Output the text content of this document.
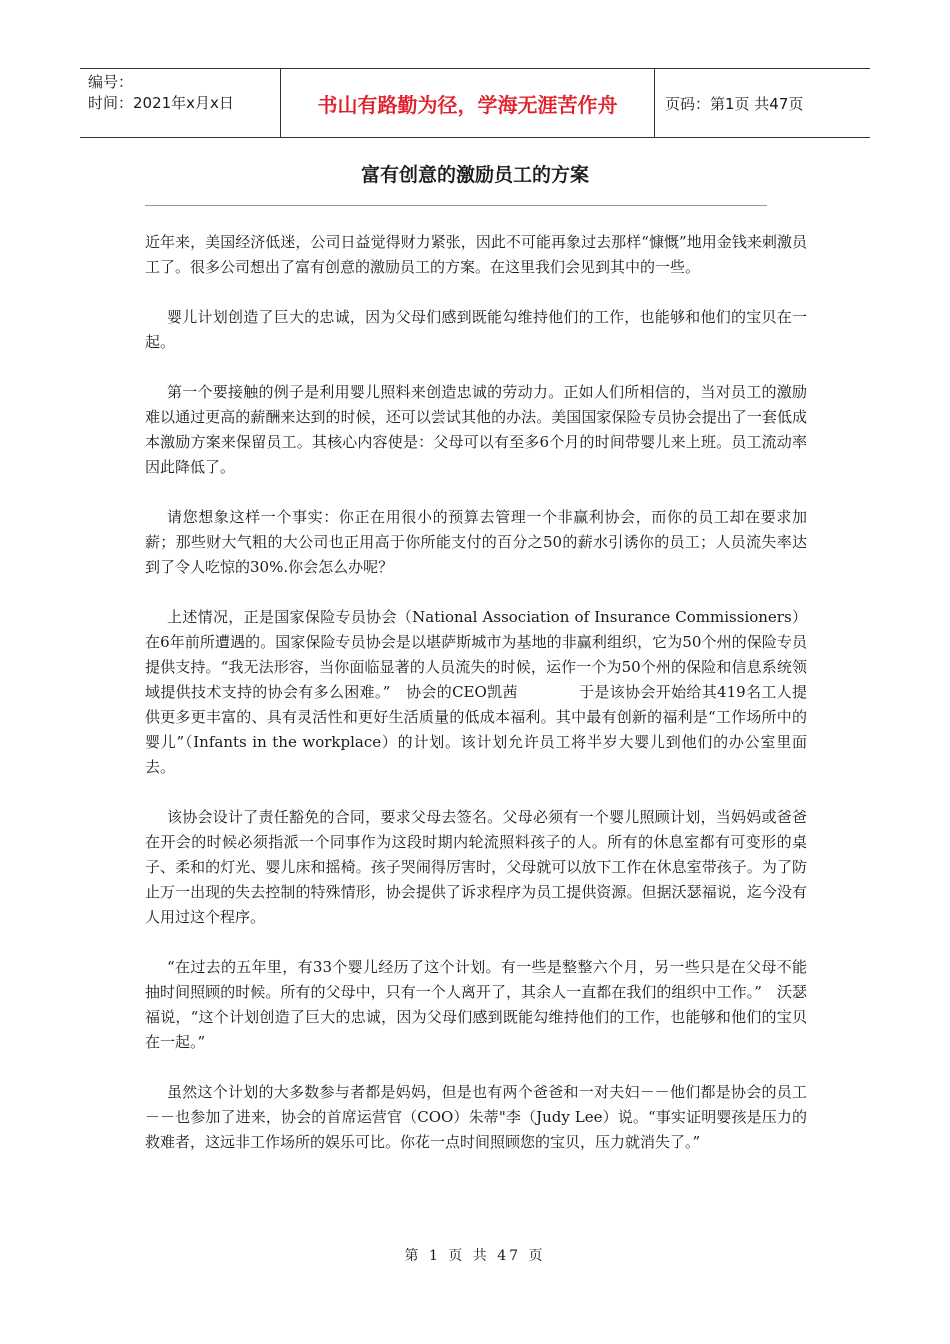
编号：
时间：2021年x月x日	书山有路勤为径，学海无涯苦作舟	页码：第1页 共47页
富有创意的激励员工的方案

近年来，美国经济低迷，公司日益觉得财力紧张，因此不可能再象过去那样“慷慨”地用金钱来刺激员工了。很多公司想出了富有创意的激励员工的方案。在这里我们会见到其中的一些。

婴儿计划创造了巨大的忠诚，因为父母们感到既能勾维持他们的工作，也能够和他们的宝贝在一起。

第一个要接触的例子是利用婴儿照料来创造忠诚的劳动力。正如人们所相信的，当对员工的激励难以通过更高的薪酬来达到的时候，还可以尝试其他的办法。美国国家保险专员协会提出了一套低成本激励方案来保留员工。其核心内容使是：父母可以有至多6个月的时间带婴儿来上班。员工流动率因此降低了。

请您想象这样一个事实：你正在用很小的预算去管理一个非赢利协会，而你的员工却在要求加薪；那些财大气粗的大公司也正用高于你所能支付的百分之50的薪水引诱你的员工；人员流失率达到了令人吃惊的30%.你会怎么办呢？

上述情况，正是国家保险专员协会（National Association of Insurance Commissioners）在6年前所遭遇的。国家保险专员协会是以堪萨斯城市为基地的非赢利组织，它为50个州的保险专员提供支持。“我无法形容，当你面临显著的人员流失的时候，运作一个为50个州的保险和信息系统领域提供技术支持的协会有多么困难。”　协会的CEO凯茜　　　　于是该协会开始给其419名工人提供更多更丰富的、具有灵活性和更好生活质量的低成本福利。其中最有创新的福利是“工作场所中的婴儿”（Infants in the workplace）的计划。该计划允许员工将半岁大婴儿到他们的办公室里面去。

该协会设计了责任豁免的合同，要求父母去签名。父母必须有一个婴儿照顾计划，当妈妈或爸爸在开会的时候必须指派一个同事作为这段时期内轮流照料孩子的人。所有的休息室都有可变形的桌子、柔和的灯光、婴儿床和摇椅。孩子哭闹得厉害时，父母就可以放下工作在休息室带孩子。为了防止万一出现的失去控制的特殊情形，协会提供了诉求程序为员工提供资源。但据沃瑟福说，迄今没有人用过这个程序。

“在过去的五年里，有33个婴儿经历了这个计划。有一些是整整六个月，另一些只是在父母不能抽时间照顾的时候。所有的父母中，只有一个人离开了，其余人一直都在我们的组织中工作。”　沃瑟福说，“这个计划创造了巨大的忠诚，因为父母们感到既能勾维持他们的工作，也能够和他们的宝贝在一起。”

虽然这个计划的大多数参与者都是妈妈，但是也有两个爸爸和一对夫妇－－他们都是协会的员工－－也参加了进来，协会的首席运营官（COO）朱蒂"李（Judy Lee）说。“事实证明婴孩是压力的救难者，这远非工作场所的娱乐可比。你花一点时间照顾您的宝贝，压力就消失了。”

第 1 页 共 47 页
